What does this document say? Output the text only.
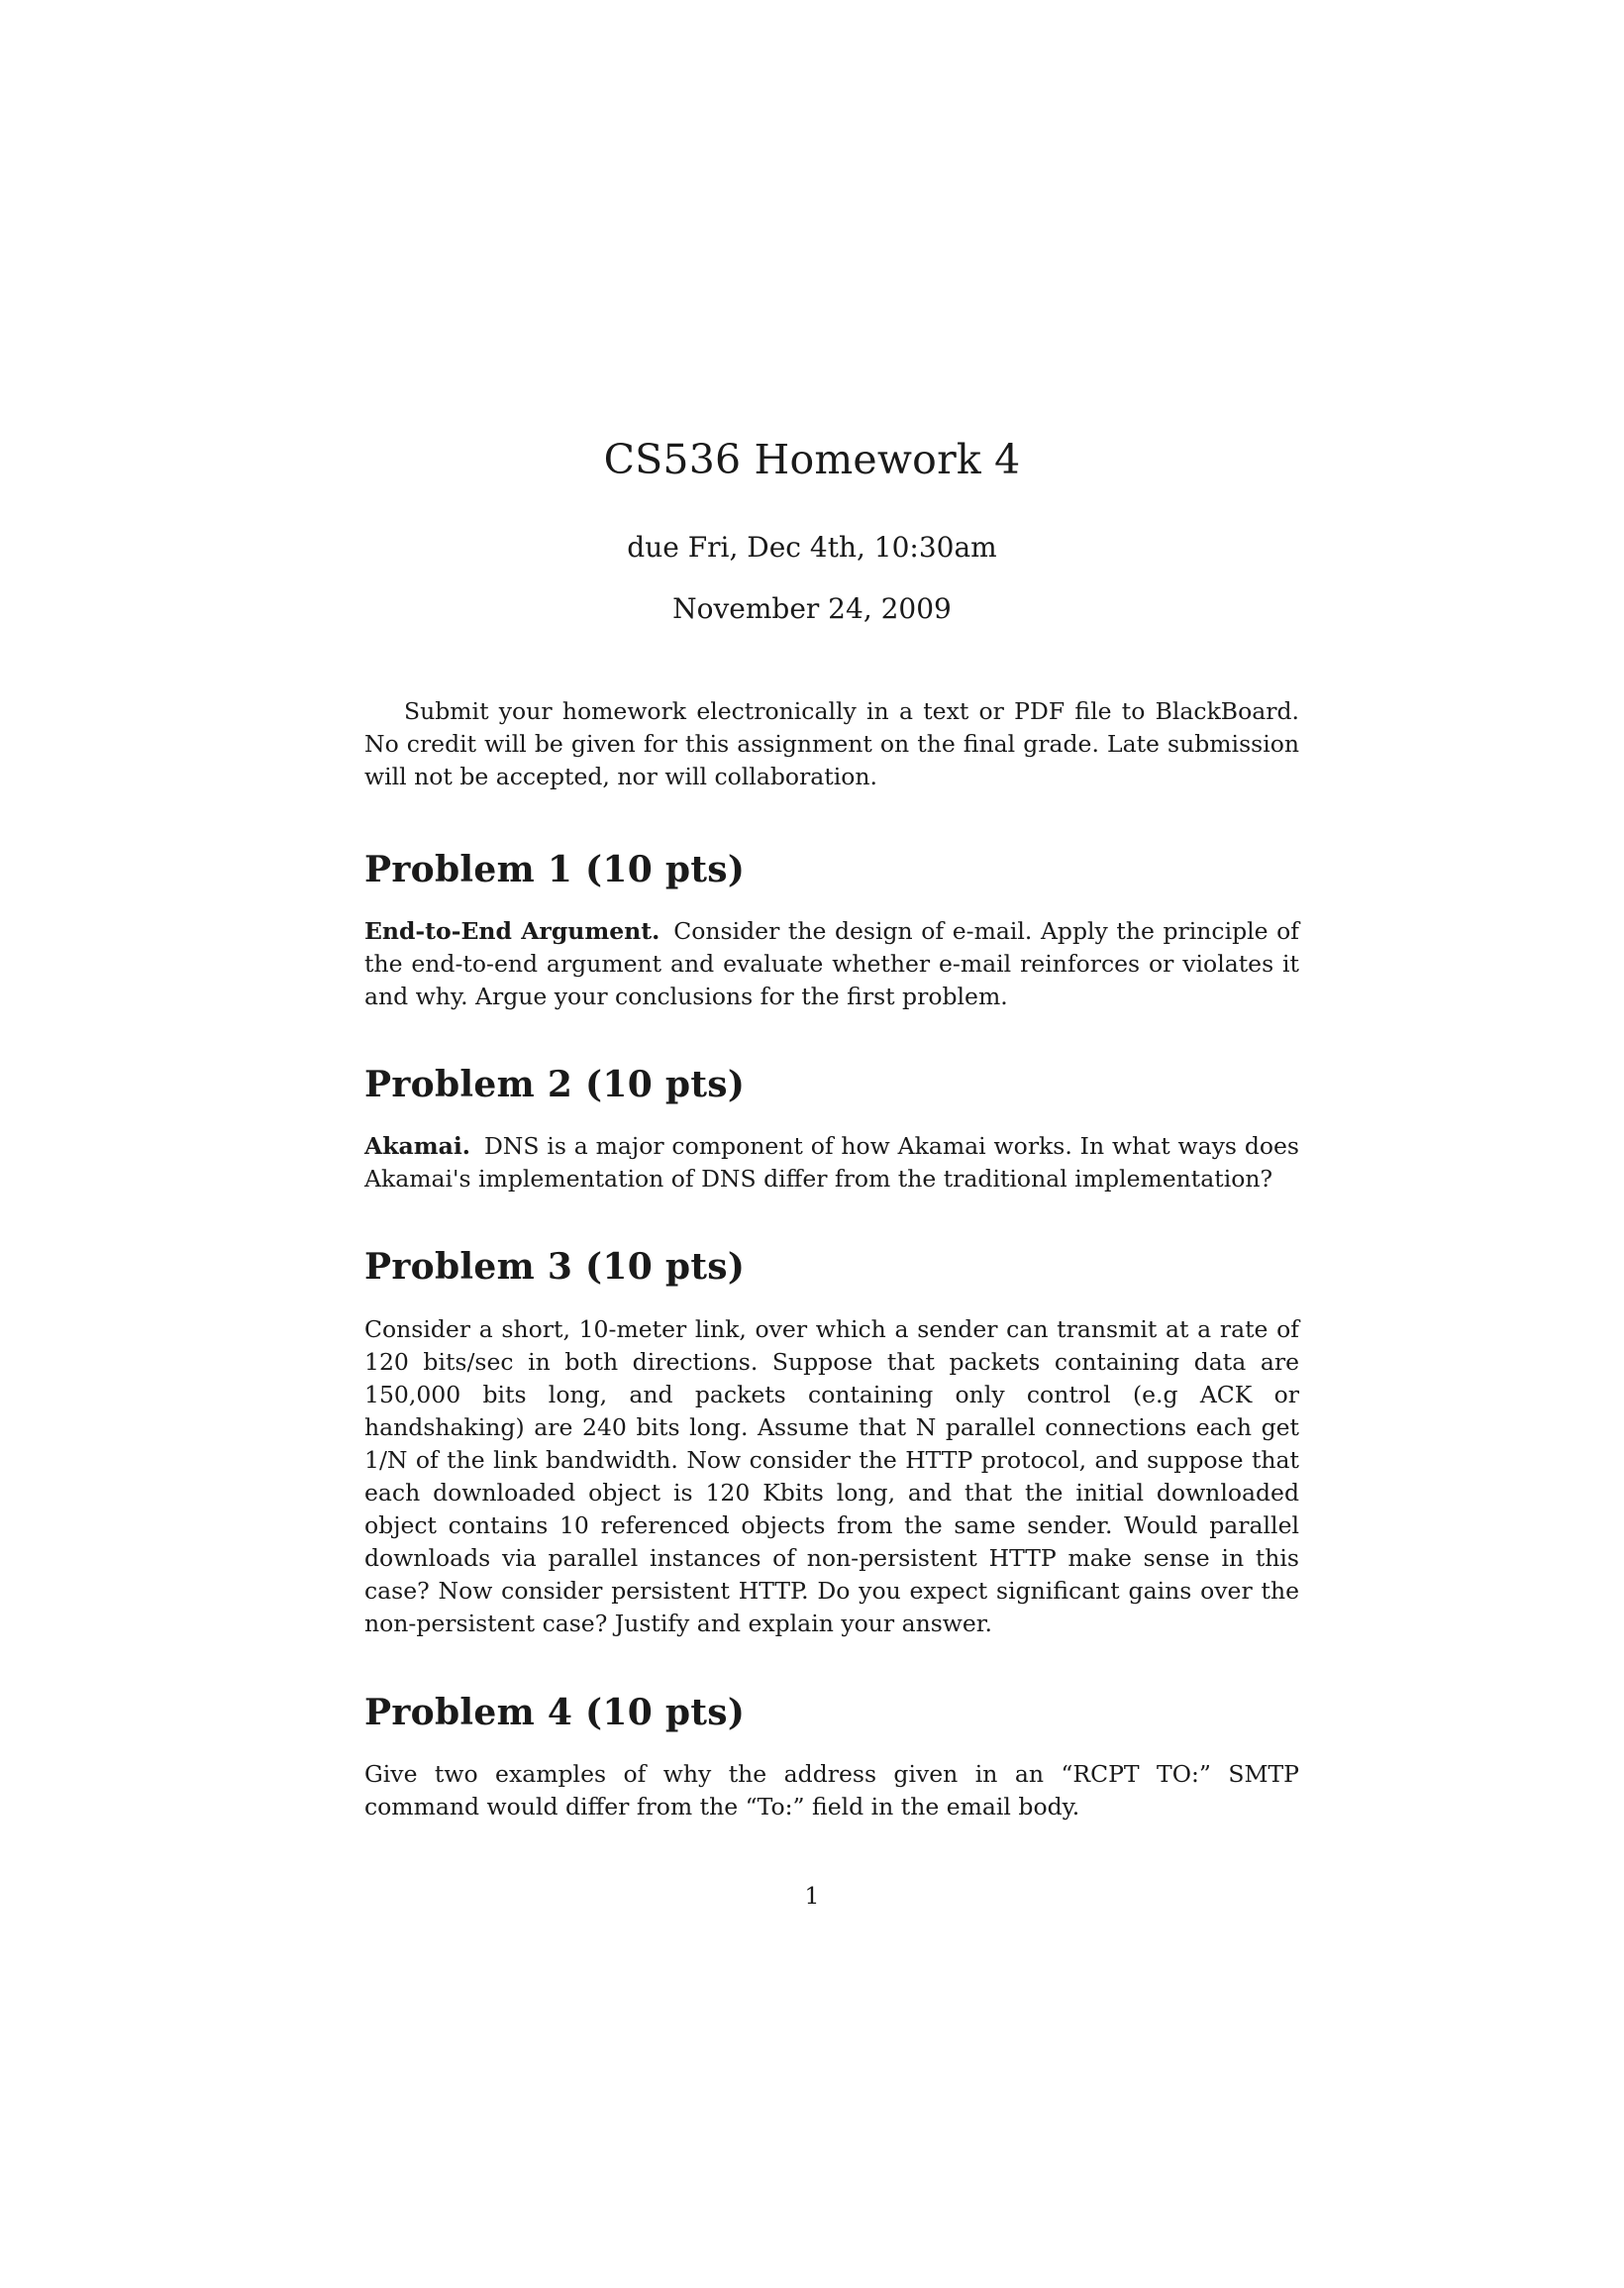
CS536 Homework 4

due Fri, Dec 4th, 10:30am

November 24, 2009

Submit your homework electronically in a text or PDF file to BlackBoard. No credit will be given for this assignment on the final grade. Late submission will not be accepted, nor will collaboration.

Problem 1 (10 pts)

End-to-End Argument. Consider the design of e-mail. Apply the principle of the end-to-end argument and evaluate whether e-mail reinforces or violates it and why. Argue your conclusions for the first problem.

Problem 2 (10 pts)

Akamai. DNS is a major component of how Akamai works. In what ways does Akamai's implementation of DNS differ from the traditional implementation?

Problem 3 (10 pts)

Consider a short, 10-meter link, over which a sender can transmit at a rate of 120 bits/sec in both directions. Suppose that packets containing data are 150,000 bits long, and packets containing only control (e.g ACK or handshaking) are 240 bits long. Assume that N parallel connections each get 1/N of the link bandwidth. Now consider the HTTP protocol, and suppose that each downloaded object is 120 Kbits long, and that the initial downloaded object contains 10 referenced objects from the same sender. Would parallel downloads via parallel instances of non-persistent HTTP make sense in this case? Now consider persistent HTTP. Do you expect significant gains over the non-persistent case? Justify and explain your answer.

Problem 4 (10 pts)

Give two examples of why the address given in an “RCPT TO:” SMTP command would differ from the “To:” field in the email body.

1
